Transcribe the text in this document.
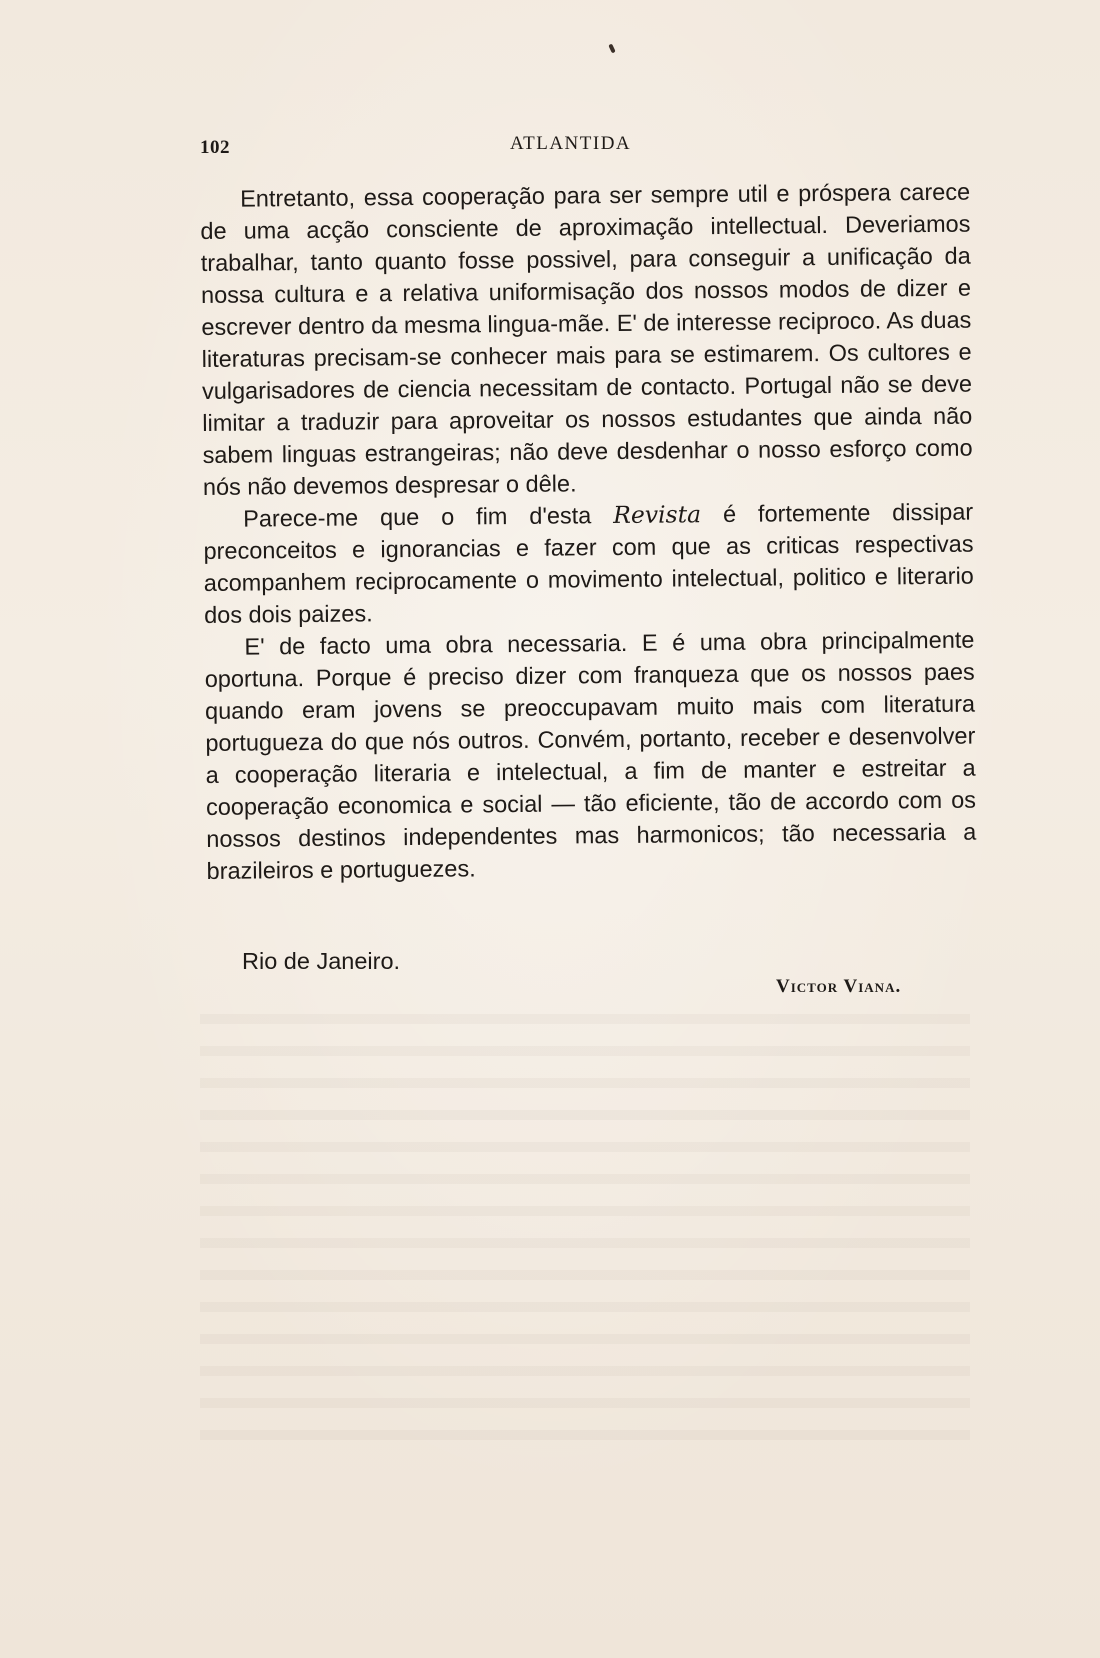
102	ATLANTIDA

Entretanto, essa cooperação para ser sempre util e próspera carece de uma acção consciente de aproximação intellectual. Deveriamos trabalhar, tanto quanto fosse possivel, para conseguir a unificação da nossa cultura e a relativa uniformisação dos nossos modos de dizer e escrever dentro da mesma lingua-mãe. E' de interesse reciproco. As duas literaturas precisam-se conhecer mais para se estimarem. Os cultores e vulgarisadores de ciencia necessitam de contacto. Portugal não se deve limitar a traduzir para aproveitar os nossos estudantes que ainda não sabem linguas estrangeiras; não deve desdenhar o nosso esforço como nós não devemos despresar o dêle.

Parece-me que o fim d'esta Revista é fortemente dissipar preconceitos e ignorancias e fazer com que as criticas respectivas acompanhem reciprocamente o movimento intelectual, politico e literario dos dois paizes.

E' de facto uma obra necessaria. E é uma obra principalmente oportuna. Porque é preciso dizer com franqueza que os nossos paes quando eram jovens se preoccupavam muito mais com literatura portugueza do que nós outros. Convém, portanto, receber e desenvolver a cooperação literaria e intelectual, a fim de manter e estreitar a cooperação economica e social — tão eficiente, tão de accordo com os nossos destinos independentes mas harmonicos; tão necessaria a brazileiros e portuguezes.

Rio de Janeiro.
Victor Viana.
